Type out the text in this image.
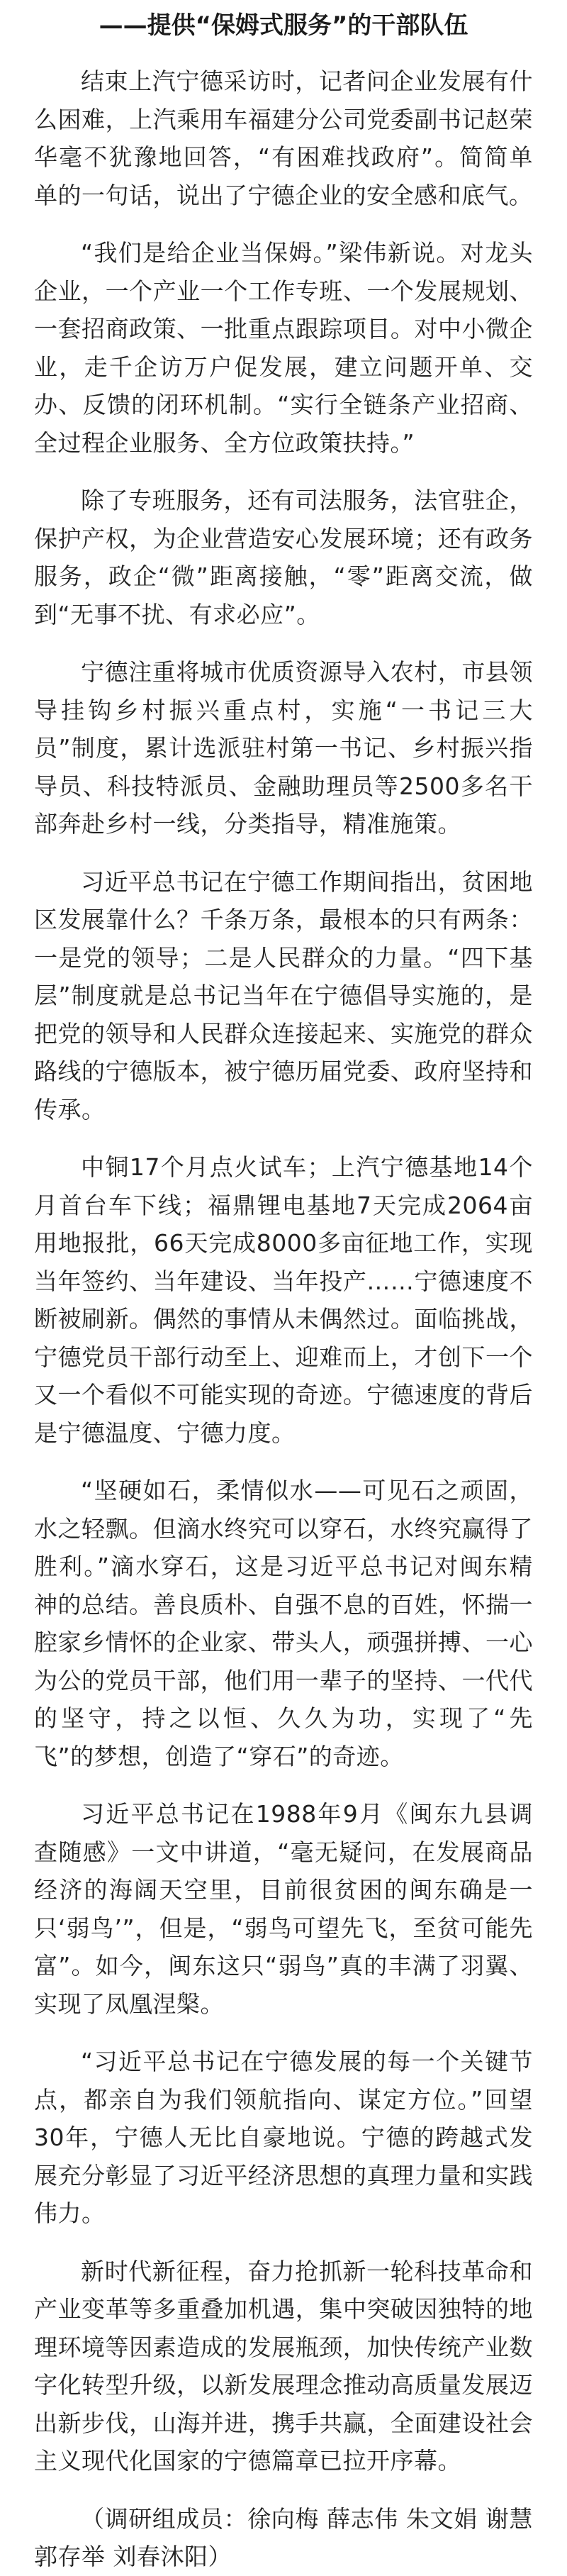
——提供“保姆式服务”的干部队伍

结束上汽宁德采访时，记者问企业发展有什么困难，上汽乘用车福建分公司党委副书记赵荣华毫不犹豫地回答，“有困难找政府”。简简单单的一句话，说出了宁德企业的安全感和底气。

“我们是给企业当保姆。”梁伟新说。对龙头企业，一个产业一个工作专班、一个发展规划、一套招商政策、一批重点跟踪项目。对中小微企业，走千企访万户促发展，建立问题开单、交办、反馈的闭环机制。“实行全链条产业招商、全过程企业服务、全方位政策扶持。”

除了专班服务，还有司法服务，法官驻企，保护产权，为企业营造安心发展环境；还有政务服务，政企“微”距离接触，“零”距离交流，做到“无事不扰、有求必应”。

宁德注重将城市优质资源导入农村，市县领导挂钩乡村振兴重点村，实施“一书记三大员”制度，累计选派驻村第一书记、乡村振兴指导员、科技特派员、金融助理员等2500多名干部奔赴乡村一线，分类指导，精准施策。

习近平总书记在宁德工作期间指出，贫困地区发展靠什么？千条万条，最根本的只有两条：一是党的领导；二是人民群众的力量。“四下基层”制度就是总书记当年在宁德倡导实施的，是把党的领导和人民群众连接起来、实施党的群众路线的宁德版本，被宁德历届党委、政府坚持和传承。

中铜17个月点火试车；上汽宁德基地14个月首台车下线；福鼎锂电基地7天完成2064亩用地报批，66天完成8000多亩征地工作，实现当年签约、当年建设、当年投产……宁德速度不断被刷新。偶然的事情从未偶然过。面临挑战，宁德党员干部行动至上、迎难而上，才创下一个又一个看似不可能实现的奇迹。宁德速度的背后是宁德温度、宁德力度。

“坚硬如石，柔情似水——可见石之顽固，水之轻飘。但滴水终究可以穿石，水终究赢得了胜利。”滴水穿石，这是习近平总书记对闽东精神的总结。善良质朴、自强不息的百姓，怀揣一腔家乡情怀的企业家、带头人，顽强拼搏、一心为公的党员干部，他们用一辈子的坚持、一代代的坚守，持之以恒、久久为功，实现了“先飞”的梦想，创造了“穿石”的奇迹。

习近平总书记在1988年9月《闽东九县调查随感》一文中讲道，“毫无疑问，在发展商品经济的海阔天空里，目前很贫困的闽东确是一只‘弱鸟’”，但是，“弱鸟可望先飞，至贫可能先富”。如今，闽东这只“弱鸟”真的丰满了羽翼、实现了凤凰涅槃。

“习近平总书记在宁德发展的每一个关键节点，都亲自为我们领航指向、谋定方位。”回望30年，宁德人无比自豪地说。宁德的跨越式发展充分彰显了习近平经济思想的真理力量和实践伟力。

新时代新征程，奋力抢抓新一轮科技革命和产业变革等多重叠加机遇，集中突破因独特的地理环境等因素造成的发展瓶颈，加快传统产业数字化转型升级，以新发展理念推动高质量发展迈出新步伐，山海并进，携手共赢，全面建设社会主义现代化国家的宁德篇章已拉开序幕。

（调研组成员：徐向梅 薛志伟 朱文娟 谢慧 郭存举 刘春沐阳）
